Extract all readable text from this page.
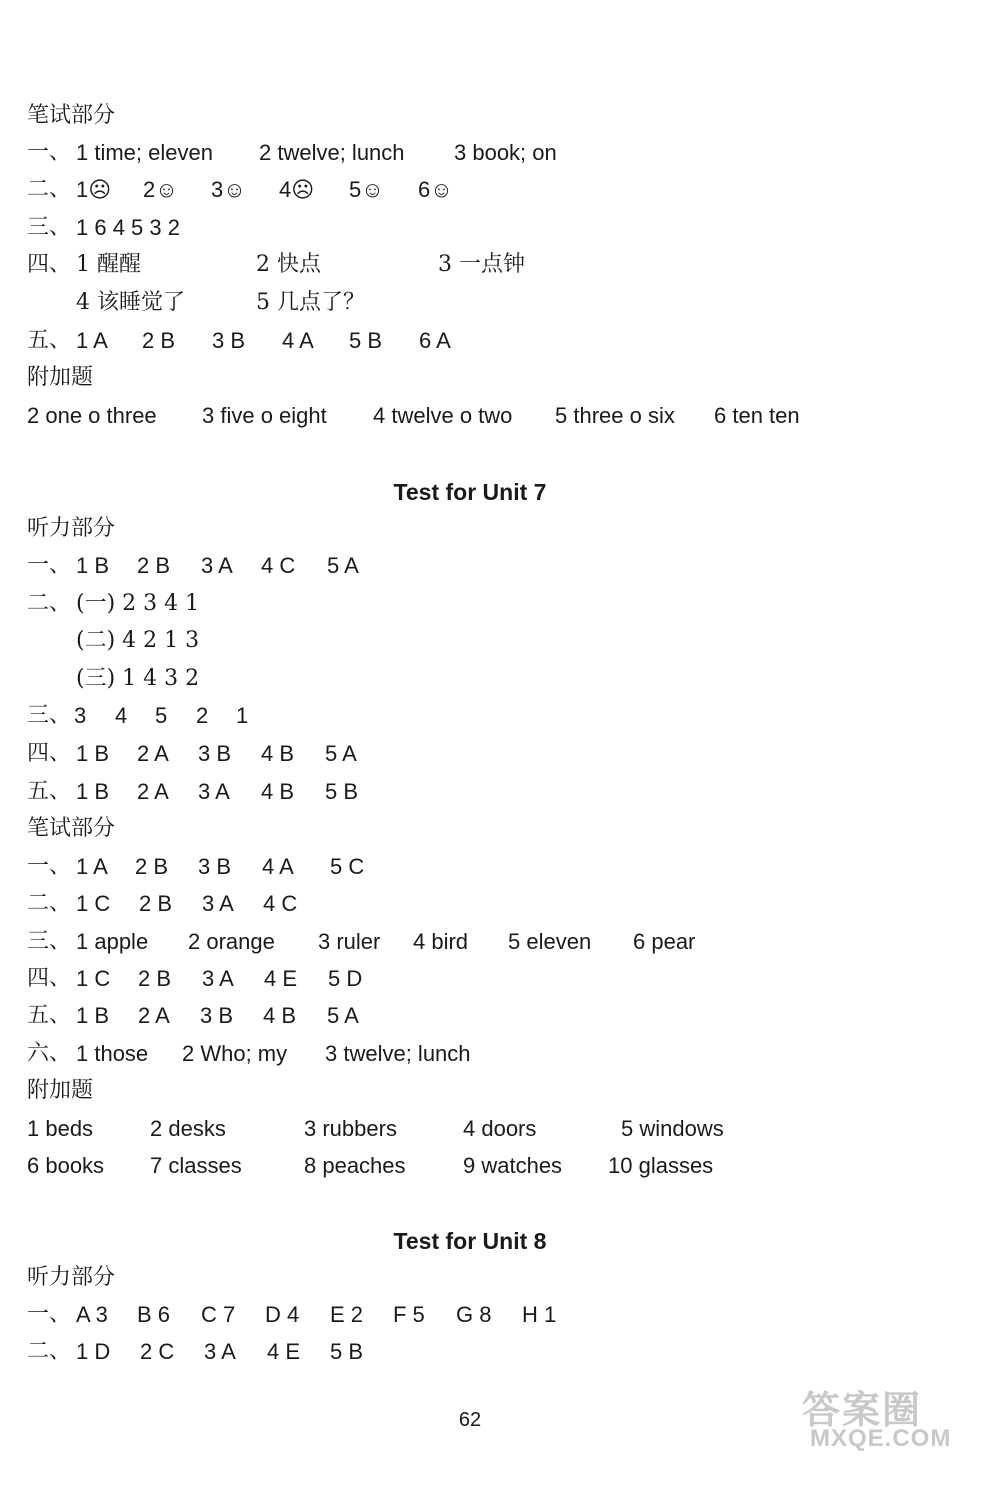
笔试部分
一、 1 time; eleven 2 twelve; lunch 3 book; on
二、 1☹ 2☺ 3☺ 4☹ 5☺ 6☺
三、 1 6 4 5 3 2
四、 1 醒醒	2 快点	3 一点钟
4 该睡觉了	5 几点了？
五、 1 A 2 B 3 B 4 A 5 B 6 A
附加题
2 one o three 3 five o eight 4 twelve o two 5 three o six 6 ten ten
Test for Unit 7
听力部分
一、 1 B 2 B 3 A 4 C 5 A
二、 (一) 2 3 4 1
(二) 4 2 1 3
(三) 1 4 3 2
三、 3 4 5 2 1
四、 1 B 2 A 3 B 4 B 5 A
五、 1 B 2 A 3 A 4 B 5 B
笔试部分
一、 1 A 2 B 3 B 4 A 5 C
二、 1 C 2 B 3 A 4 C
三、 1 apple 2 orange 3 ruler 4 bird 5 eleven 6 pear
四、 1 C 2 B 3 A 4 E 5 D
五、 1 B 2 A 3 B 4 B 5 A
六、 1 those 2 Who; my 3 twelve; lunch
附加题
1 beds	2 desks	3 rubbers	4 doors	5 windows
6 books 7 classes	8 peaches	9 watches 10 glasses
Test for Unit 8
听力部分
一、 A 3 B 6 C 7 D 4 E 2 F 5 G 8 H 1
二、 1 D 2 C 3 A 4 E 5 B
62	答案圈
MXQE.COM
